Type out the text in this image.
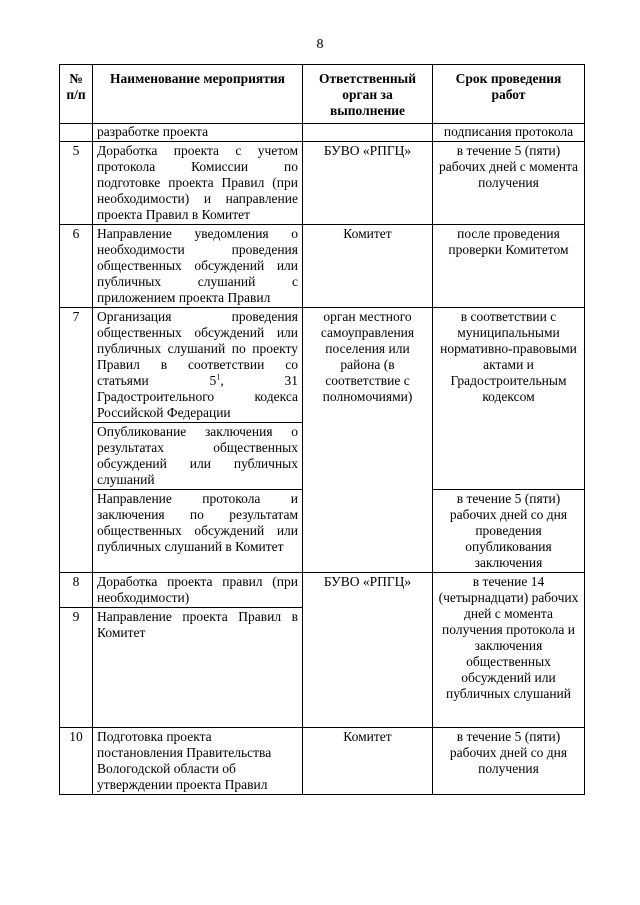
8
№ п/п	Наименование мероприятия	Ответственный орган за выполнение	Срок проведения работ
	разработке проекта		подписания протокола
5	Доработка проекта с учетом протокола Комиссии по подготовке проекта Правил (при необходимости) и направление проекта Правил в Комитет	БУВО «РПГЦ»	в течение 5 (пяти) рабочих дней с момента получения
6	Направление уведомления о необходимости проведения общественных обсуждений или публичных слушаний с приложением проекта Правил	Комитет	после проведения проверки Комитетом
7	Организация проведения общественных обсуждений или публичных слушаний по проекту Правил в соответствии со статьями $5^1$, 31 Градостроительного кодекса Российской Федерации	орган местного самоуправления поселения или района (в соответствие с полномочиями)	в соответствии с муниципальными нормативно-правовыми актами и Градостроительным кодексом
	Опубликование заключения о результатах общественных обсуждений или публичных слушаний		
	Направление протокола и заключения по результатам общественных обсуждений или публичных слушаний в Комитет		в течение 5 (пяти) рабочих дней со дня проведения опубликования заключения
8	Доработка проекта правил (при необходимости)	БУВО «РПГЦ»	в течение 14 (четырнадцати) рабочих дней с момента получения протокола и заключения общественных обсуждений или публичных слушаний
9	Направление проекта Правил в Комитет		
10	Подготовка проекта постановления Правительства Вологодской области об утверждении проекта Правил	Комитет	в течение 5 (пяти) рабочих дней со дня получения
